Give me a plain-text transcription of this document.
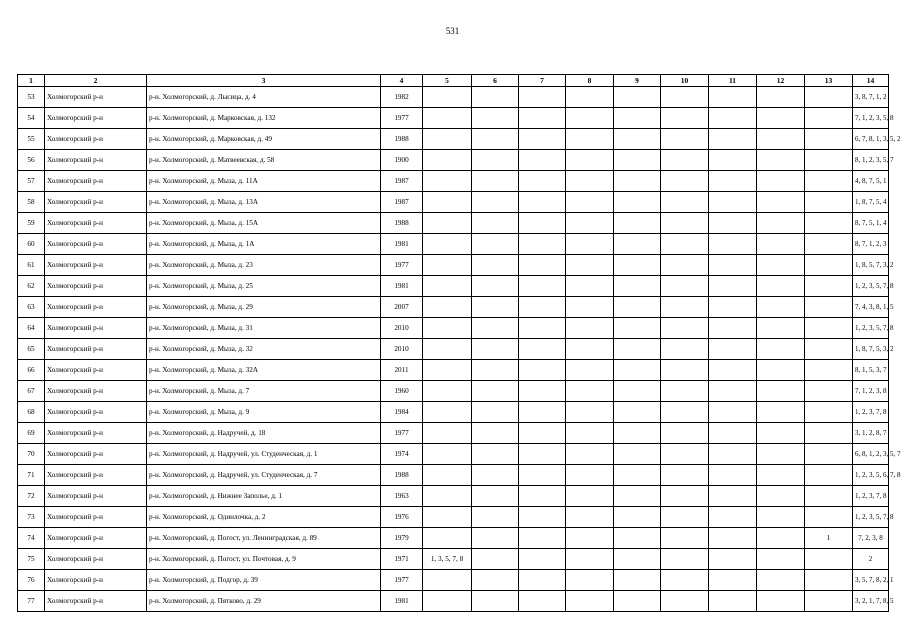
531
1	2	3	4	5	6	7	8	9	10	11	12	13	14
53	Холмогорский р-н	р-н. Холмогорский, д. Лысица, д. 4	1982										3, 8, 7, 1, 2
54	Холмогорский р-н	р-н. Холмогорский, д. Марковская, д. 132	1977										7, 1, 2, 3, 5, 8
55	Холмогорский р-н	р-н. Холмогорский, д. Марковская, д. 49	1988										6, 7, 8, 1, 3, 5, 2
56	Холмогорский р-н	р-н. Холмогорский, д. Матвеевская, д. 58	1900										8, 1, 2, 3, 5, 7
57	Холмогорский р-н	р-н. Холмогорский, д. Мыза, д. 11А	1987										4, 8, 7, 5, 1
58	Холмогорский р-н	р-н. Холмогорский, д. Мыза, д. 13А	1987										1, 8, 7, 5, 4
59	Холмогорский р-н	р-н. Холмогорский, д. Мыза, д. 15А	1988										8, 7, 5, 1, 4
60	Холмогорский р-н	р-н. Холмогорский, д. Мыза, д. 1А	1981										8, 7, 1, 2, 3
61	Холмогорский р-н	р-н. Холмогорский, д. Мыза, д. 23	1977										1, 8, 5, 7, 3, 2
62	Холмогорский р-н	р-н. Холмогорский, д. Мыза, д. 25	1981										1, 2, 3, 5, 7, 8
63	Холмогорский р-н	р-н. Холмогорский, д. Мыза, д. 29	2007										7, 4, 3, 8, 1, 5
64	Холмогорский р-н	р-н. Холмогорский, д. Мыза, д. 31	2010										1, 2, 3, 5, 7, 8
65	Холмогорский р-н	р-н. Холмогорский, д. Мыза, д. 32	2010										1, 8, 7, 5, 3, 2
66	Холмогорский р-н	р-н. Холмогорский, д. Мыза, д. 32А	2011										8, 1, 5, 3, 7
67	Холмогорский р-н	р-н. Холмогорский, д. Мыза, д. 7	1960										7, 1, 2, 3, 8
68	Холмогорский р-н	р-н. Холмогорский, д. Мыза, д. 9	1984										1, 2, 3, 7, 8
69	Холмогорский р-н	р-н. Холмогорский, д. Надручей, д. 18	1977										3, 1, 2, 8, 7
70	Холмогорский р-н	р-н. Холмогорский, д. Надручей, ул. Студенческая, д. 1	1974										6, 8, 1, 2, 3, 5, 7
71	Холмогорский р-н	р-н. Холмогорский, д. Надручей, ул. Студенческая, д. 7	1988										1, 2, 3, 5, 6, 7, 8
72	Холмогорский р-н	р-н. Холмогорский, д. Нижнее Заполье, д. 1	1963										1, 2, 3, 7, 8
73	Холмогорский р-н	р-н. Холмогорский, д. Одинлочка, д. 2	1976										1, 2, 3, 5, 7, 8
74	Холмогорский р-н	р-н. Холмогорский, д. Погост, ул. Ленинградская, д. 89	1979									1	7, 2, 3, 8
75	Холмогорский р-н	р-н. Холмогорский, д. Погост, ул. Почтовая, д. 9	1971	1, 3, 5, 7, 8									2
76	Холмогорский р-н	р-н. Холмогорский, д. Подгор, д. 39	1977										3, 5, 7, 8, 2, 1
77	Холмогорский р-н	р-н. Холмогорский, д. Пятково, д. 29	1981										3, 2, 1, 7, 8, 5
